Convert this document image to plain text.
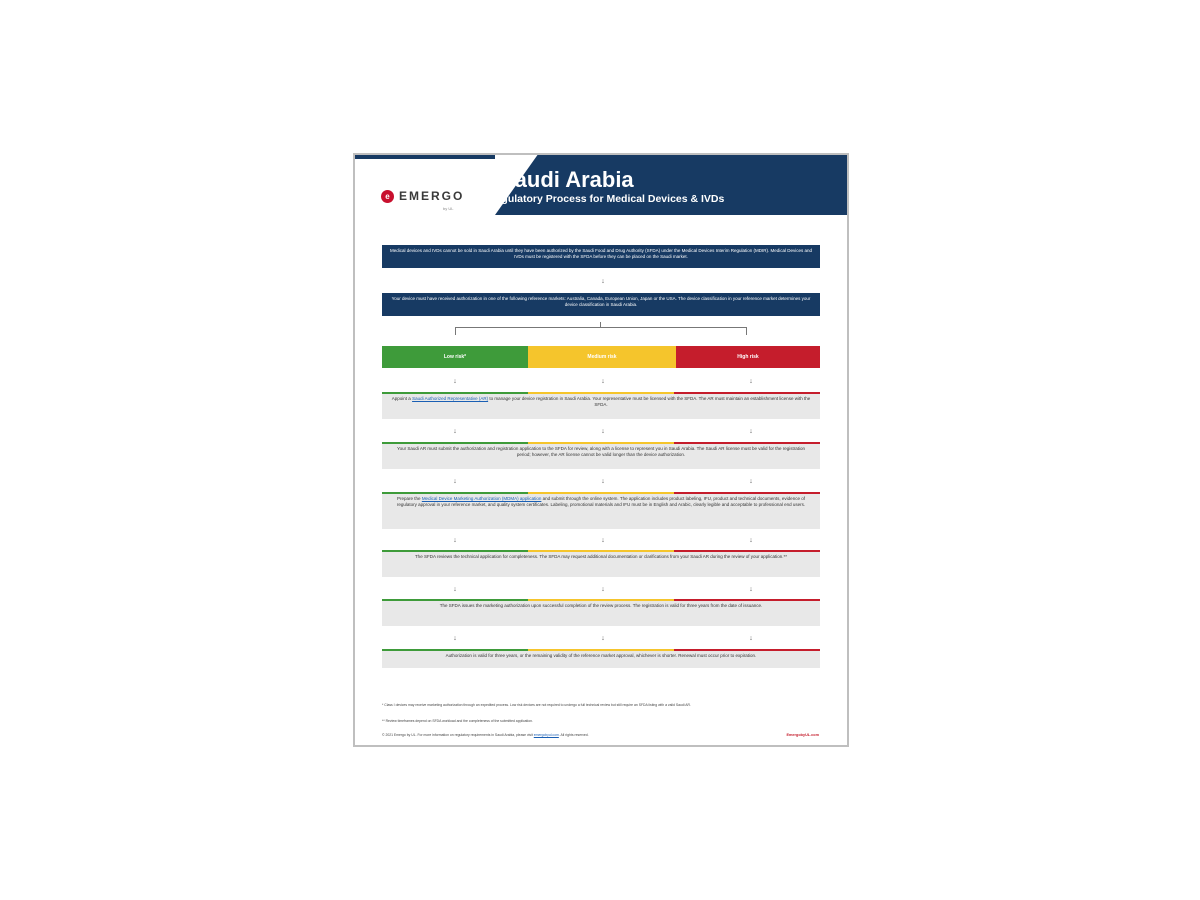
e EMERGO
by UL
Saudi Arabia
Regulatory Process for Medical Devices & IVDs
Medical devices and IVDs cannot be sold in Saudi Arabia until they have been authorized by the Saudi Food and Drug Authority (SFDA) under the Medical Devices Interim Regulation (MDIR). Medical Devices and IVDs must be registered with the SFDA before they can be placed on the Saudi market.
↓
Your device must have received authorization in one of the following reference markets: Australia, Canada, European Union, Japan or the USA. The device classification in your reference market determines your device classification in Saudi Arabia.
Low risk*	Medium risk	High risk
↓	↓	↓
Appoint a Saudi Authorized Representative (AR) to manage your device registration in Saudi Arabia. Your representative must be licensed with the SFDA. The AR must maintain an establishment license with the SFDA.
↓	↓	↓
Your Saudi AR must submit the authorization and registration application to the SFDA for review, along with a license to represent you in Saudi Arabia. The Saudi AR license must be valid for the registration period; however, the AR license cannot be valid longer than the device authorization.
↓	↓	↓
Prepare the Medical Device Marketing Authorization (MDMA) application and submit through the online system. The application includes product labeling, IFU, product and technical documents, evidence of regulatory approval in your reference market, and quality system certificates. Labeling, promotional materials and IFU must be in English and Arabic, clearly legible and acceptable to professional end users.
↓	↓	↓
The SFDA reviews the technical application for completeness. The SFDA may request additional documentation or clarifications from your Saudi AR during the review of your application.**
↓	↓	↓
The SFDA issues the marketing authorization upon successful completion of the review process. The registration is valid for three years from the date of issuance.
↓	↓	↓
Authorization is valid for three years, or the remaining validity of the reference market approval, whichever is shorter. Renewal must occur prior to expiration.
* Class I devices may receive marketing authorization through an expedited process. Low risk devices are not required to undergo a full technical review but still require an SFDA listing with a valid Saudi AR.
** Review timeframes depend on SFDA workload and the completeness of the submitted application.
© 2021 Emergo by UL. For more information on regulatory requirements in Saudi Arabia, please visit emergobyul.com. All rights reserved.	EmergobyUL.com
